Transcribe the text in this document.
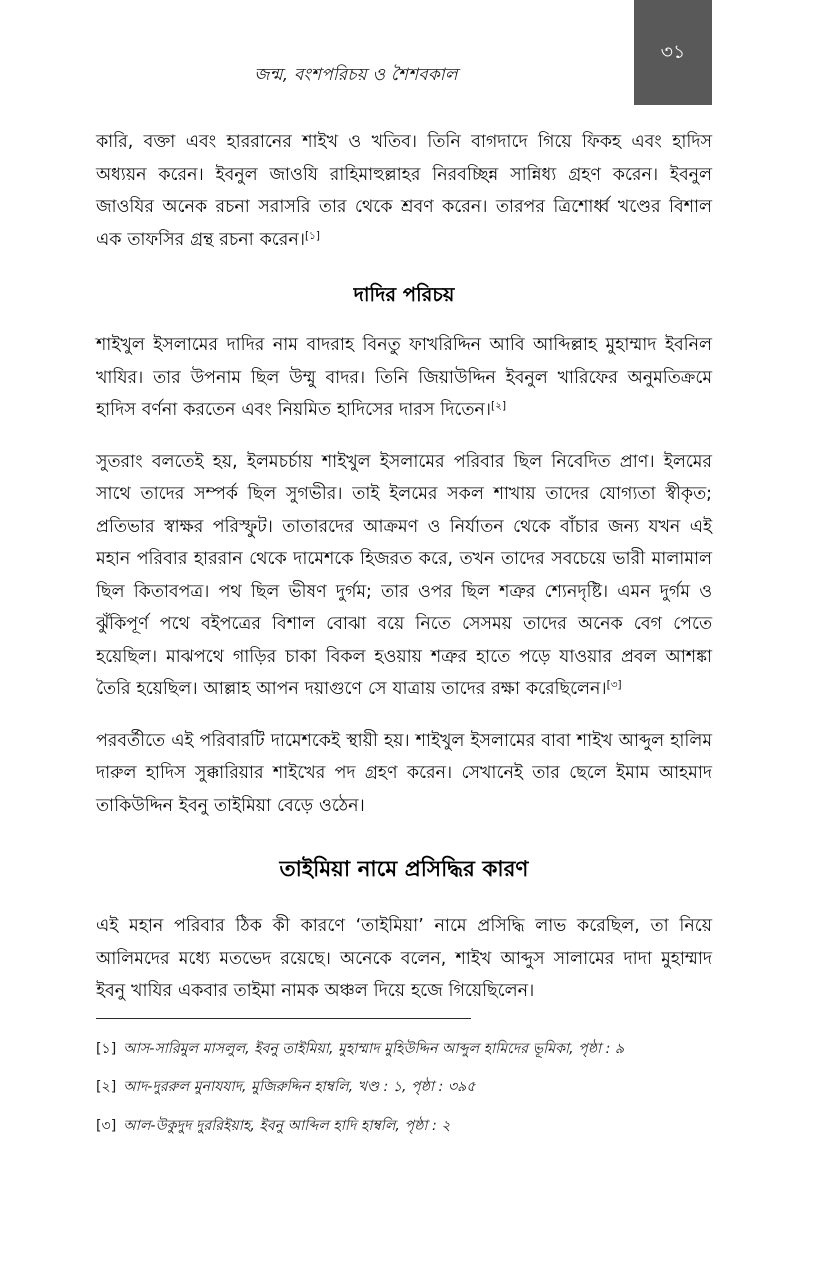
জন্ম, বংশপরিচয় ও শৈশবকাল
৩১

কারি, বক্তা এবং হাররানের শাইখ ও খতিব। তিনি বাগদাদে গিয়ে ফিকহ এবং হাদিস অধ্যয়ন করেন। ইবনুল জাওযি রাহিমাহুল্লাহর নিরবচ্ছিন্ন সান্নিধ্য গ্রহণ করেন। ইবনুল জাওযির অনেক রচনা সরাসরি তার থেকে শ্রবণ করেন। তারপর ত্রিশোর্ধ্ব খণ্ডের বিশাল এক তাফসির গ্রন্থ রচনা করেন।[১]

দাদির পরিচয়

শাইখুল ইসলামের দাদির নাম বাদরাহ বিনতু ফাখরিদ্দিন আবি আব্দিল্লাহ মুহাম্মাদ ইবনিল খাযির। তার উপনাম ছিল উম্মু বাদর। তিনি জিয়াউদ্দিন ইবনুল খারিফের অনুমতিক্রমে হাদিস বর্ণনা করতেন এবং নিয়মিত হাদিসের দারস দিতেন।[২]

সুতরাং বলতেই হয়, ইলমচর্চায় শাইখুল ইসলামের পরিবার ছিল নিবেদিত প্রাণ। ইলমের সাথে তাদের সম্পর্ক ছিল সুগভীর। তাই ইলমের সকল শাখায় তাদের যোগ্যতা স্বীকৃত; প্রতিভার স্বাক্ষর পরিস্ফুট। তাতারদের আক্রমণ ও নির্যাতন থেকে বাঁচার জন্য যখন এই মহান পরিবার হাররান থেকে দামেশকে হিজরত করে, তখন তাদের সবচেয়ে ভারী মালামাল ছিল কিতাবপত্র। পথ ছিল ভীষণ দুর্গম; তার ওপর ছিল শত্রুর শ্যেনদৃষ্টি। এমন দুর্গম ও ঝুঁকিপূর্ণ পথে বইপত্রের বিশাল বোঝা বয়ে নিতে সেসময় তাদের অনেক বেগ পেতে হয়েছিল। মাঝপথে গাড়ির চাকা বিকল হওয়ায় শত্রুর হাতে পড়ে যাওয়ার প্রবল আশঙ্কা তৈরি হয়েছিল। আল্লাহ আপন দয়াগুণে সে যাত্রায় তাদের রক্ষা করেছিলেন।[৩]

পরবর্তীতে এই পরিবারটি দামেশকেই স্থায়ী হয়। শাইখুল ইসলামের বাবা শাইখ আব্দুল হালিম দারুল হাদিস সুক্কারিয়ার শাইখের পদ গ্রহণ করেন। সেখানেই তার ছেলে ইমাম আহমাদ তাকিউদ্দিন ইবনু তাইমিয়া বেড়ে ওঠেন।

তাইমিয়া নামে প্রসিদ্ধির কারণ

এই মহান পরিবার ঠিক কী কারণে ‘তাইমিয়া’ নামে প্রসিদ্ধি লাভ করেছিল, তা নিয়ে আলিমদের মধ্যে মতভেদ রয়েছে। অনেকে বলেন, শাইখ আব্দুস সালামের দাদা মুহাম্মাদ ইবনু খাযির একবার তাইমা নামক অঞ্চল দিয়ে হজে গিয়েছিলেন।

[১] আস-সারিমুল মাসলুল, ইবনু তাইমিয়া, মুহাম্মাদ মুহিউদ্দিন আব্দুল হামিদের ভূমিকা, পৃষ্ঠা : ৯
[২] আদ-দুররুল মুনাযযাদ, মুজিরুদ্দিন হাম্বলি, খণ্ড : ১, পৃষ্ঠা : ৩৯৫
[৩] আল-উকুদুদ দুররিইয়াহ, ইবনু আব্দিল হাদি হাম্বলি, পৃষ্ঠা : ২
